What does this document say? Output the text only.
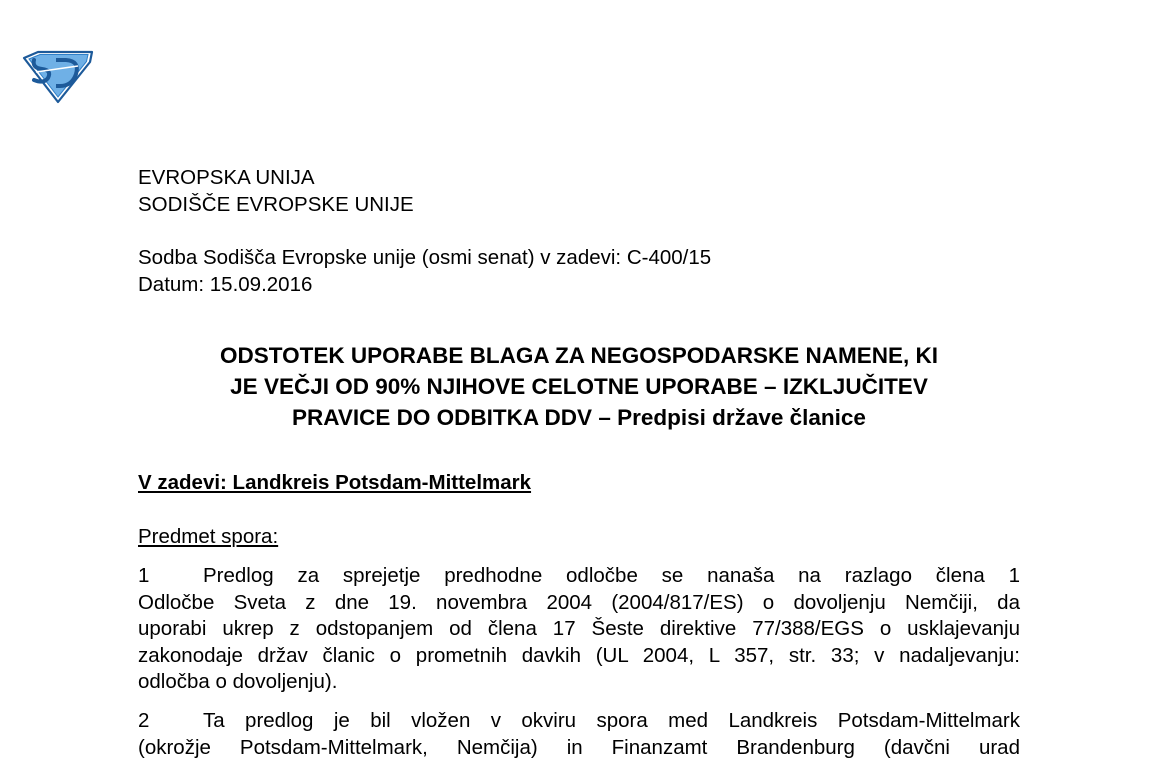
EVROPSKA UNIJA
SODIŠČE EVROPSKE UNIJE
Sodba Sodišča Evropske unije (osmi senat) v zadevi: C-400/15
Datum: 15.09.2016
ODSTOTEK UPORABE BLAGA ZA NEGOSPODARSKE NAMENE, KI
JE VEČJI OD 90% NJIHOVE CELOTNE UPORABE – IZKLJUČITEV
PRAVICE DO ODBITKA DDV – Predpisi države članice
V zadevi: Landkreis Potsdam-Mittelmark
Predmet spora:
1	Predlog za sprejetje predhodne odločbe se nanaša na razlago člena 1
Odločbe Sveta z dne 19. novembra 2004 (2004/817/ES) o dovoljenju Nemčiji, da
uporabi ukrep z odstopanjem od člena 17 Šeste direktive 77/388/EGS o usklajevanju
zakonodaje držav članic o prometnih davkih (UL 2004, L 357, str. 33; v nadaljevanju:
odločba o dovoljenju).
2	Ta predlog je bil vložen v okviru spora med Landkreis Potsdam-Mittelmark
(okrožje Potsdam-Mittelmark, Nemčija) in Finanzamt Brandenburg (davčni urad
